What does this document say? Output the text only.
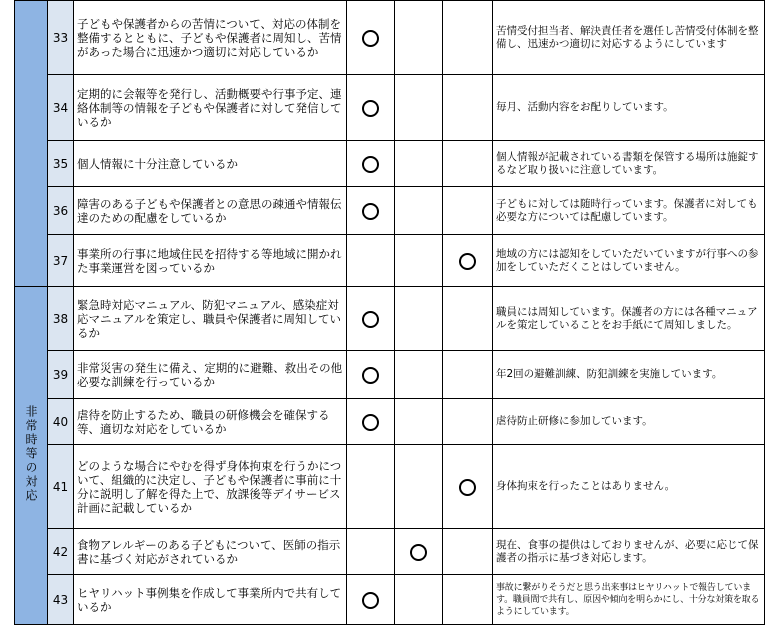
	33	子どもや保護者からの苦情について、対応の体制を整備するとともに、子どもや保護者に周知し、苦情があった場合に迅速かつ適切に対応しているか				苦情受付担当者、解決責任者を選任し苦情受付体制を整備し、迅速かつ適切に対応するようにしています
	34	定期的に会報等を発行し、活動概要や行事予定、連絡体制等の情報を子どもや保護者に対して発信しているか				毎月、活動内容をお配りしています。
	35	個人情報に十分注意しているか				個人情報が記載されている書類を保管する場所は施錠するなど取り扱いに注意しています。
	36	障害のある子どもや保護者との意思の疎通や情報伝達のための配慮をしているか				子どもに対しては随時行っています。保護者に対しても必要な方については配慮しています。
	37	事業所の行事に地域住民を招待する等地域に開かれた事業運営を図っているか				地域の方には認知をしていただいていますが行事への参加をしていただくことはしていません。
非常時等の対応	38	緊急時対応マニュアル、防犯マニュアル、感染症対応マニュアルを策定し、職員や保護者に周知しているか				職員には周知しています。保護者の方には各種マニュアルを策定していることをお手紙にて周知しました。
	39	非常災害の発生に備え、定期的に避難、救出その他必要な訓練を行っているか				年2回の避難訓練、防犯訓練を実施しています。
	40	虐待を防止するため、職員の研修機会を確保する等、適切な対応をしているか				虐待防止研修に参加しています。
	41	どのような場合にやむを得ず身体拘束を行うかについて、組織的に決定し、子どもや保護者に事前に十分に説明し了解を得た上で、放課後等デイサービス計画に記載しているか				身体拘束を行ったことはありません。
	42	食物アレルギーのある子どもについて、医師の指示書に基づく対応がされているか				現在、食事の提供はしておりませんが、必要に応じて保護者の指示に基づき対応します。
	43	ヒヤリハット事例集を作成して事業所内で共有しているか				事故に繋がりそうだと思う出来事はヒヤリハットで報告しています。職員間で共有し、原因や傾向を明らかにし、十分な対策を取るようにしています。
